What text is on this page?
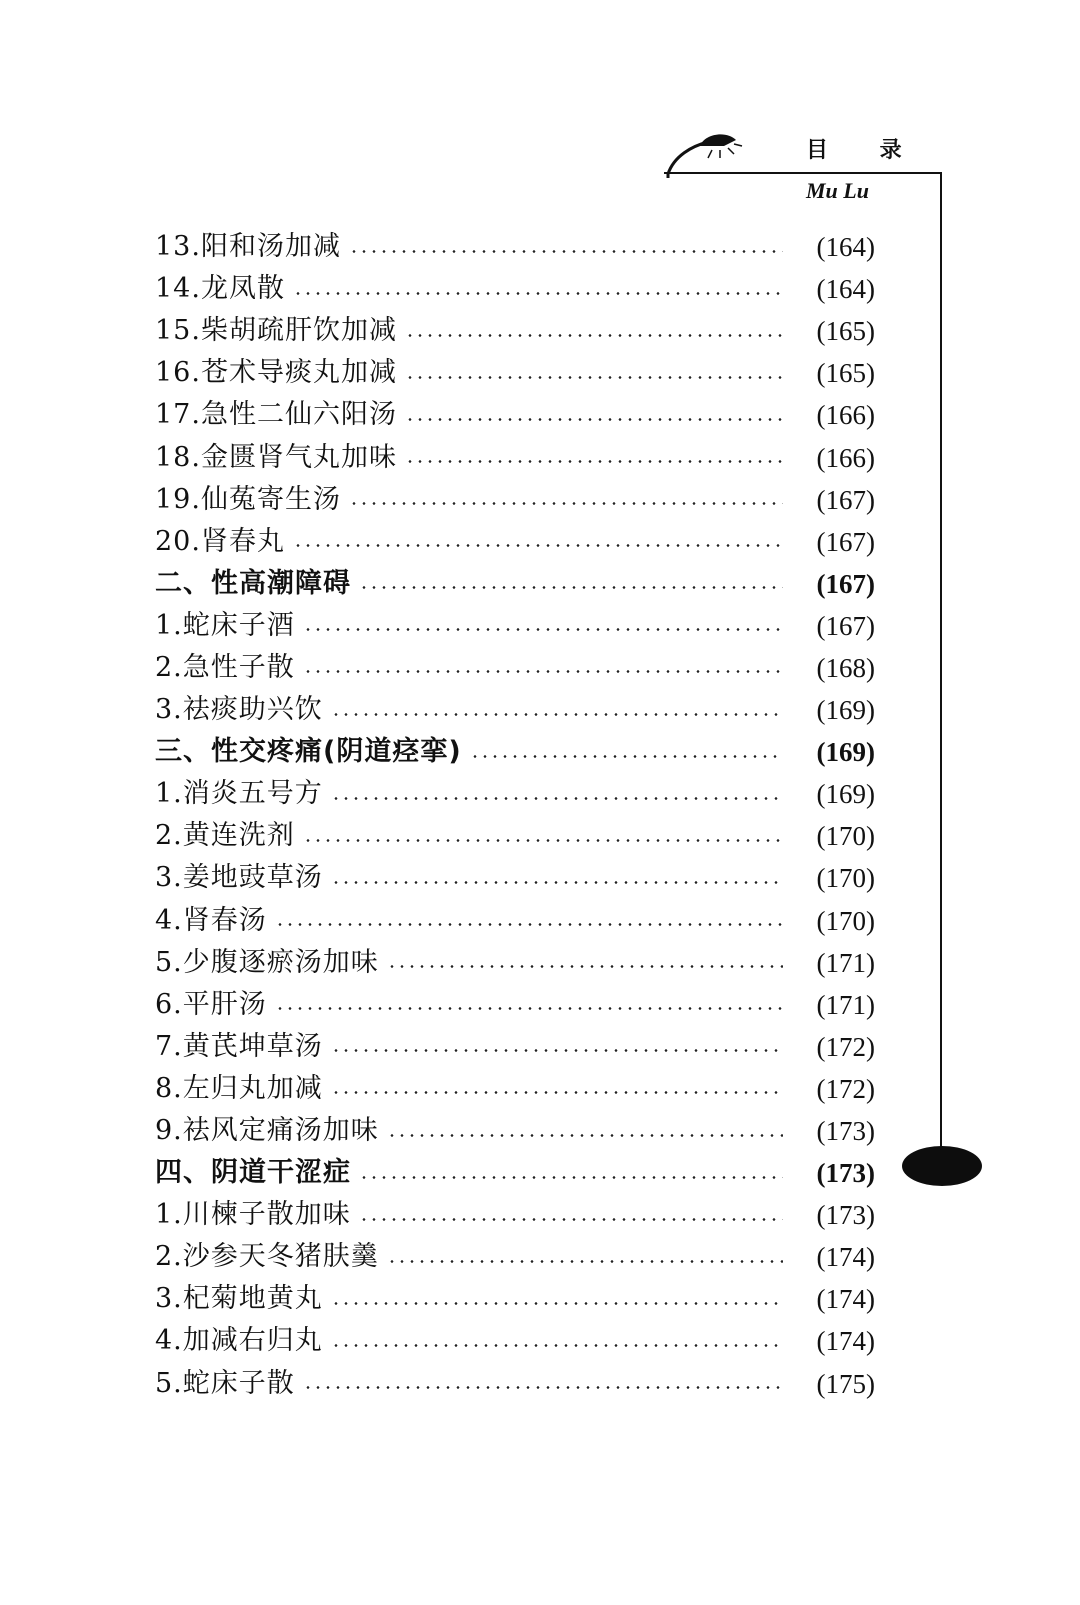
目 录
Mu Lu
13.阳和汤加减	(164)
14.龙凤散	(164)
15.柴胡疏肝饮加减	(165)
16.苍术导痰丸加减	(165)
17.急性二仙六阳汤	(166)
18.金匮肾气丸加味	(166)
19.仙菟寄生汤	(167)
20.肾春丸	(167)
二、性高潮障碍	(167)
1.蛇床子酒	(167)
2.急性子散	(168)
3.祛痰助兴饮	(169)
三、性交疼痛(阴道痉挛)	(169)
1.消炎五号方	(169)
2.黄连洗剂	(170)
3.姜地豉草汤	(170)
4.肾春汤	(170)
5.少腹逐瘀汤加味	(171)
6.平肝汤	(171)
7.黄芪坤草汤	(172)
8.左归丸加减	(172)
9.祛风定痛汤加味	(173)
四、阴道干涩症	(173)
1.川楝子散加味	(173)
2.沙参天冬猪肤羹	(174)
3.杞菊地黄丸	(174)
4.加减右归丸	(174)
5.蛇床子散	(175)
